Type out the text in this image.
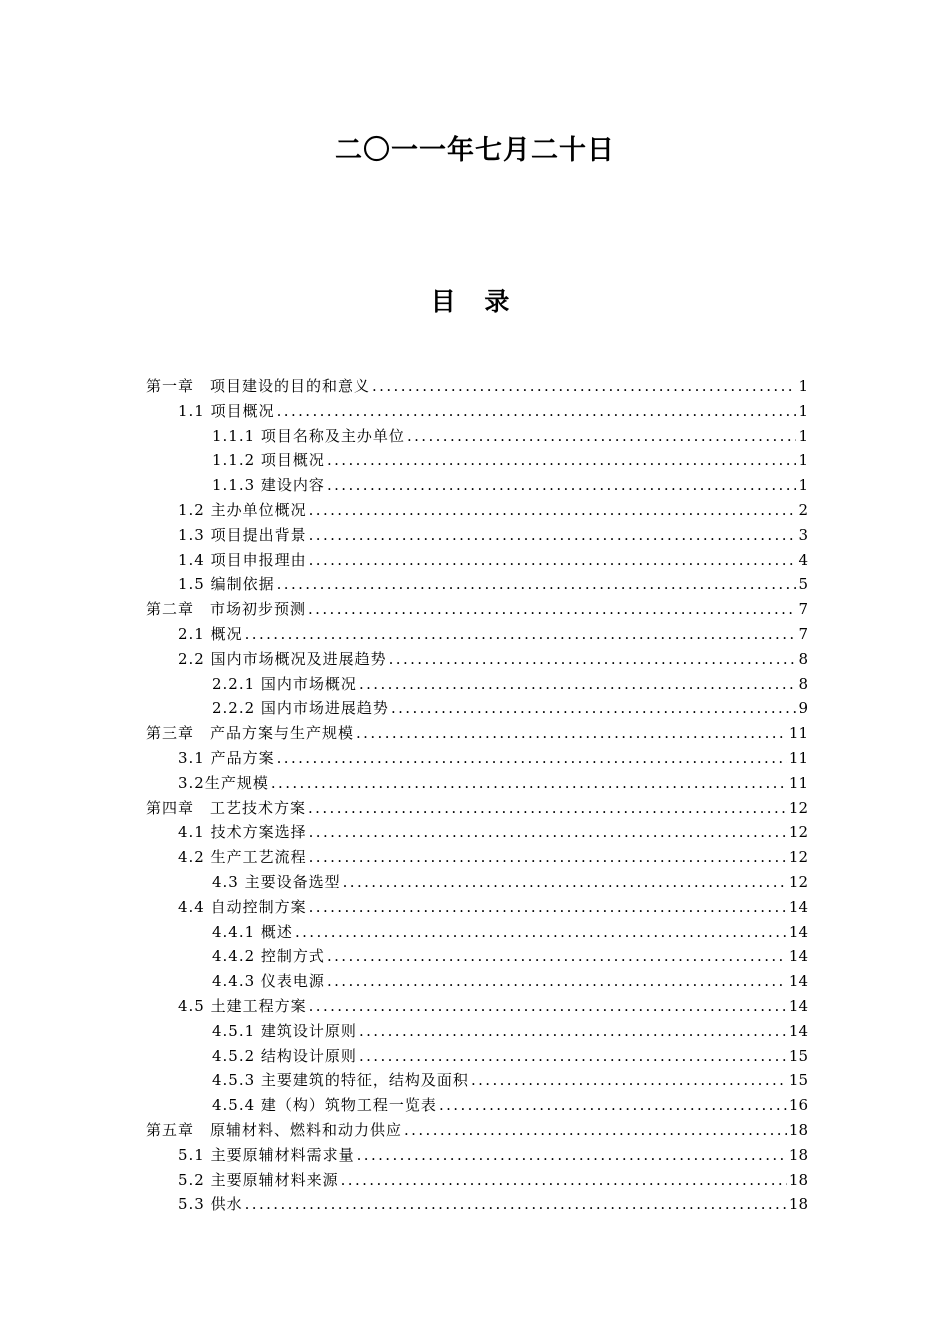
二〇一一年七月二十日
目 录
第一章　项目建设的目的和意义 .....	1
1.1 项目概况 .....	1
1.1.1 项目名称及主办单位 .....	1
1.1.2 项目概况 .....	1
1.1.3 建设内容 .....	1
1.2 主办单位概况 .....	2
1.3 项目提出背景 .....	3
1.4 项目申报理由 .....	4
1.5 编制依据 .....	5
第二章　市场初步预测 .....	7
2.1 概况 .....	7
2.2 国内市场概况及进展趋势 .....	8
2.2.1 国内市场概况 .....	8
2.2.2 国内市场进展趋势 .....	9
第三章　产品方案与生产规模 .....	11
3.1 产品方案 .....	11
3.2生产规模 .....	11
第四章　工艺技术方案 .....	12
4.1 技术方案选择 .....	12
4.2 生产工艺流程 .....	12
4.3 主要设备选型 .....	12
4.4 自动控制方案 .....	14
4.4.1 概述 .....	14
4.4.2 控制方式 .....	14
4.4.3 仪表电源 .....	14
4.5 土建工程方案 .....	14
4.5.1 建筑设计原则 .....	14
4.5.2 结构设计原则 .....	15
4.5.3 主要建筑的特征，结构及面积 .....	15
4.5.4 建（构）筑物工程一览表 .....	16
第五章　原辅材料、燃料和动力供应 .....	18
5.1 主要原辅材料需求量 .....	18
5.2 主要原辅材料来源 .....	18
5.3 供水 .....	18
